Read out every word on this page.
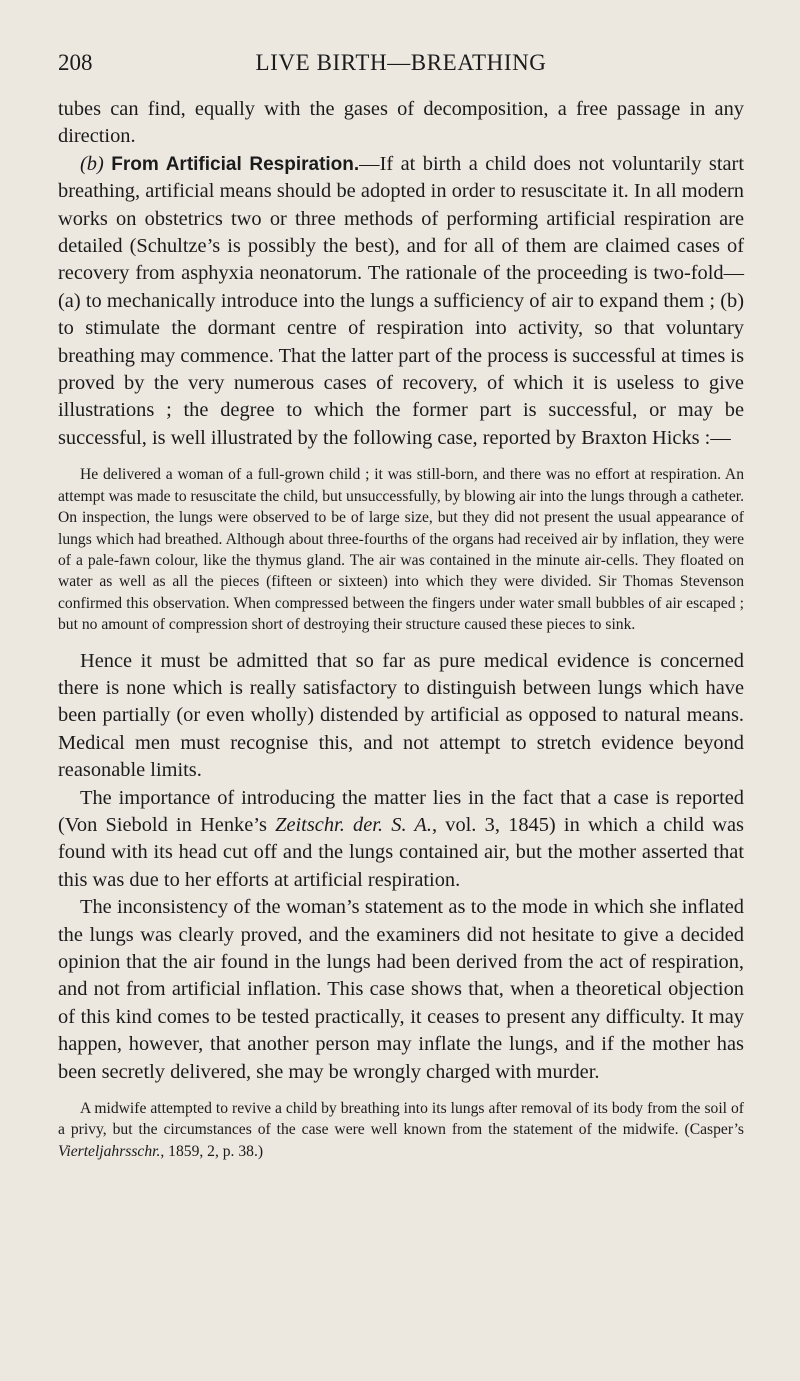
208	LIVE BIRTH—BREATHING

tubes can find, equally with the gases of decomposition, a free passage in any direction.

(b) From Artificial Respiration.—If at birth a child does not voluntarily start breathing, artificial means should be adopted in order to resuscitate it. In all modern works on obstetrics two or three methods of performing artificial respiration are detailed (Schultze’s is possibly the best), and for all of them are claimed cases of recovery from asphyxia neonatorum. The rationale of the proceeding is two-fold—(a) to mechanically introduce into the lungs a sufficiency of air to expand them ; (b) to stimulate the dormant centre of respiration into activity, so that voluntary breathing may commence. That the latter part of the process is successful at times is proved by the very numerous cases of recovery, of which it is useless to give illustrations ; the degree to which the former part is successful, or may be successful, is well illustrated by the following case, reported by Braxton Hicks :—

He delivered a woman of a full-grown child ; it was still-born, and there was no effort at respiration. An attempt was made to resuscitate the child, but unsuccessfully, by blowing air into the lungs through a catheter. On inspection, the lungs were observed to be of large size, but they did not present the usual appearance of lungs which had breathed. Although about three-fourths of the organs had received air by inflation, they were of a pale-fawn colour, like the thymus gland. The air was contained in the minute air-cells. They floated on water as well as all the pieces (fifteen or sixteen) into which they were divided. Sir Thomas Stevenson confirmed this observation. When compressed between the fingers under water small bubbles of air escaped ; but no amount of compression short of destroying their structure caused these pieces to sink.

Hence it must be admitted that so far as pure medical evidence is concerned there is none which is really satisfactory to distinguish between lungs which have been partially (or even wholly) distended by artificial as opposed to natural means. Medical men must recognise this, and not attempt to stretch evidence beyond reasonable limits.

The importance of introducing the matter lies in the fact that a case is reported (Von Siebold in Henke’s Zeitschr. der. S. A., vol. 3, 1845) in which a child was found with its head cut off and the lungs contained air, but the mother asserted that this was due to her efforts at artificial respiration.

The inconsistency of the woman’s statement as to the mode in which she inflated the lungs was clearly proved, and the examiners did not hesitate to give a decided opinion that the air found in the lungs had been derived from the act of respiration, and not from artificial inflation. This case shows that, when a theoretical objection of this kind comes to be tested practically, it ceases to present any difficulty. It may happen, however, that another person may inflate the lungs, and if the mother has been secretly delivered, she may be wrongly charged with murder.

A midwife attempted to revive a child by breathing into its lungs after removal of its body from the soil of a privy, but the circumstances of the case were well known from the statement of the midwife. (Casper’s Vierteljahrsschr., 1859, 2, p. 38.)
